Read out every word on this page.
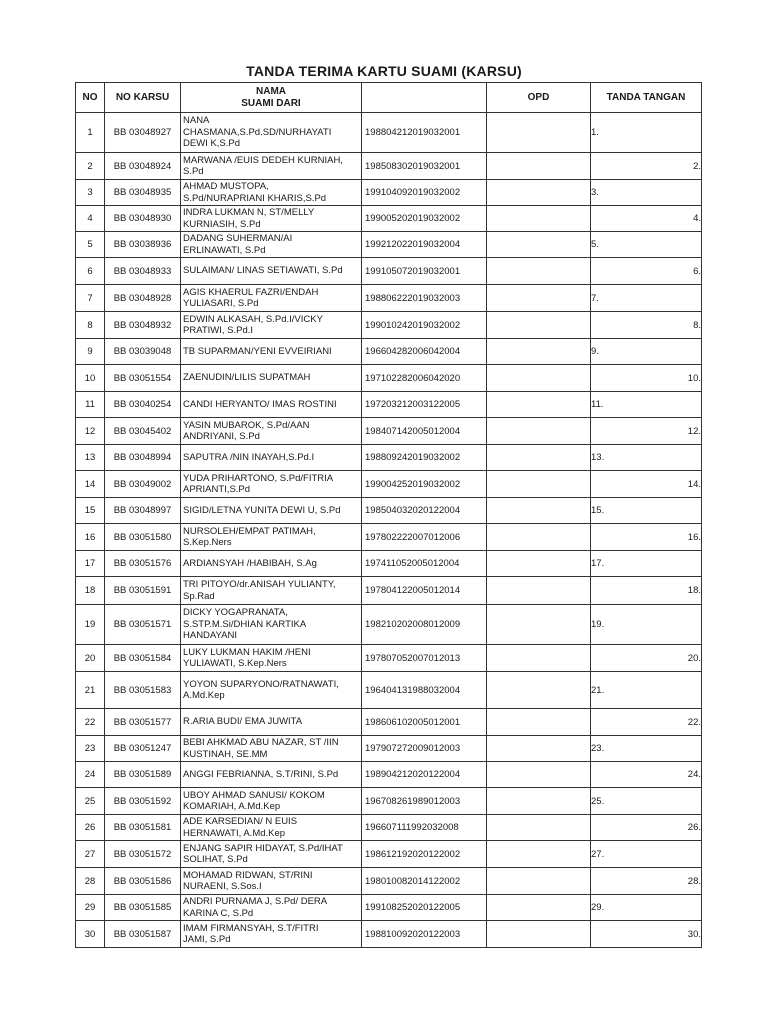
TANDA TERIMA KARTU SUAMI (KARSU)
NO	NO KARSU	NAMA
SUAMI DARI		OPD	TANDA TANGAN
1	BB 03048927	NANA
CHASMANA,S.Pd.SD/NURHAYATI
DEWI K,S.Pd	198804212019032001		1.
2	BB 03048924	MARWANA /EUIS DEDEH KURNIAH,
S.Pd	198508302019032001		2.
3	BB 03048935	AHMAD MUSTOPA,
S.Pd/NURAPRIANI KHARIS,S.Pd	199104092019032002		3.
4	BB 03048930	INDRA LUKMAN N, ST/MELLY
KURNIASIH, S.Pd	199005202019032002		4.
5	BB 03038936	DADANG SUHERMAN/AI
ERLINAWATI, S.Pd	199212022019032004		5.
6	BB 03048933	SULAIMAN/ LINAS SETIAWATI, S.Pd	199105072019032001		6.
7	BB 03048928	AGIS KHAERUL FAZRI/ENDAH
YULIASARI, S.Pd	198806222019032003		7.
8	BB 03048932	EDWIN ALKASAH, S.Pd.I/VICKY
PRATIWI, S.Pd.I	199010242019032002		8.
9	BB 03039048	TB SUPARMAN/YENI EVVEIRIANI	196604282006042004		9.
10	BB 03051554	ZAENUDIN/LILIS SUPATMAH	197102282006042020		10.
11	BB 03040254	CANDI HERYANTO/ IMAS ROSTINI	197203212003122005		11.
12	BB 03045402	YASIN MUBAROK, S.Pd/AAN
ANDRIYANI, S.Pd	198407142005012004		12.
13	BB 03048994	SAPUTRA /NIN INAYAH,S.Pd.I	198809242019032002		13.
14	BB 03049002	YUDA PRIHARTONO, S.Pd/FITRIA
APRIANTI,S.Pd	199004252019032002		14.
15	BB 03048997	SIGID/LETNA YUNITA DEWI U, S.Pd	198504032020122004		15.
16	BB 03051580	NURSOLEH/EMPAT PATIMAH,
S.Kep.Ners	197802222007012006		16.
17	BB 03051576	ARDIANSYAH /HABIBAH, S.Ag	197411052005012004		17.
18	BB 03051591	TRI PITOYO/dr.ANISAH YULIANTY,
Sp.Rad	197804122005012014		18.
19	BB 03051571	DICKY YOGAPRANATA,
S.STP.M.Si/DHIAN KARTIKA
HANDAYANI	198210202008012009		19.
20	BB 03051584	LUKY LUKMAN HAKIM /HENI
YULIAWATI, S.Kep.Ners	197807052007012013		20.
21	BB 03051583	YOYON SUPARYONO/RATNAWATI,
A.Md.Kep	196404131988032004		21.
22	BB 03051577	R.ARIA BUDI/ EMA JUWITA	198606102005012001		22.
23	BB 03051247	BEBI AHKMAD ABU NAZAR, ST /IIN
KUSTINAH, SE.MM	197907272009012003		23.
24	BB 03051589	ANGGI FEBRIANNA, S.T/RINI, S.Pd	198904212020122004		24.
25	BB 03051592	UBOY AHMAD SANUSI/ KOKOM
KOMARIAH, A.Md.Kep	196708261989012003		25.
26	BB 03051581	ADE KARSEDIAN/ N EUIS
HERNAWATI, A.Md.Kep	196607111992032008		26.
27	BB 03051572	ENJANG SAPIR HIDAYAT, S.Pd/IHAT
SOLIHAT, S.Pd	198612192020122002		27.
28	BB 03051586	MOHAMAD RIDWAN, ST/RINI
NURAENI, S.Sos.I	198010082014122002		28.
29	BB 03051585	ANDRI PURNAMA J, S.Pd/ DERA
KARINA C, S.Pd	199108252020122005		29.
30	BB 03051587	IMAM FIRMANSYAH, S.T/FITRI
JAMI, S.Pd	198810092020122003		30.
